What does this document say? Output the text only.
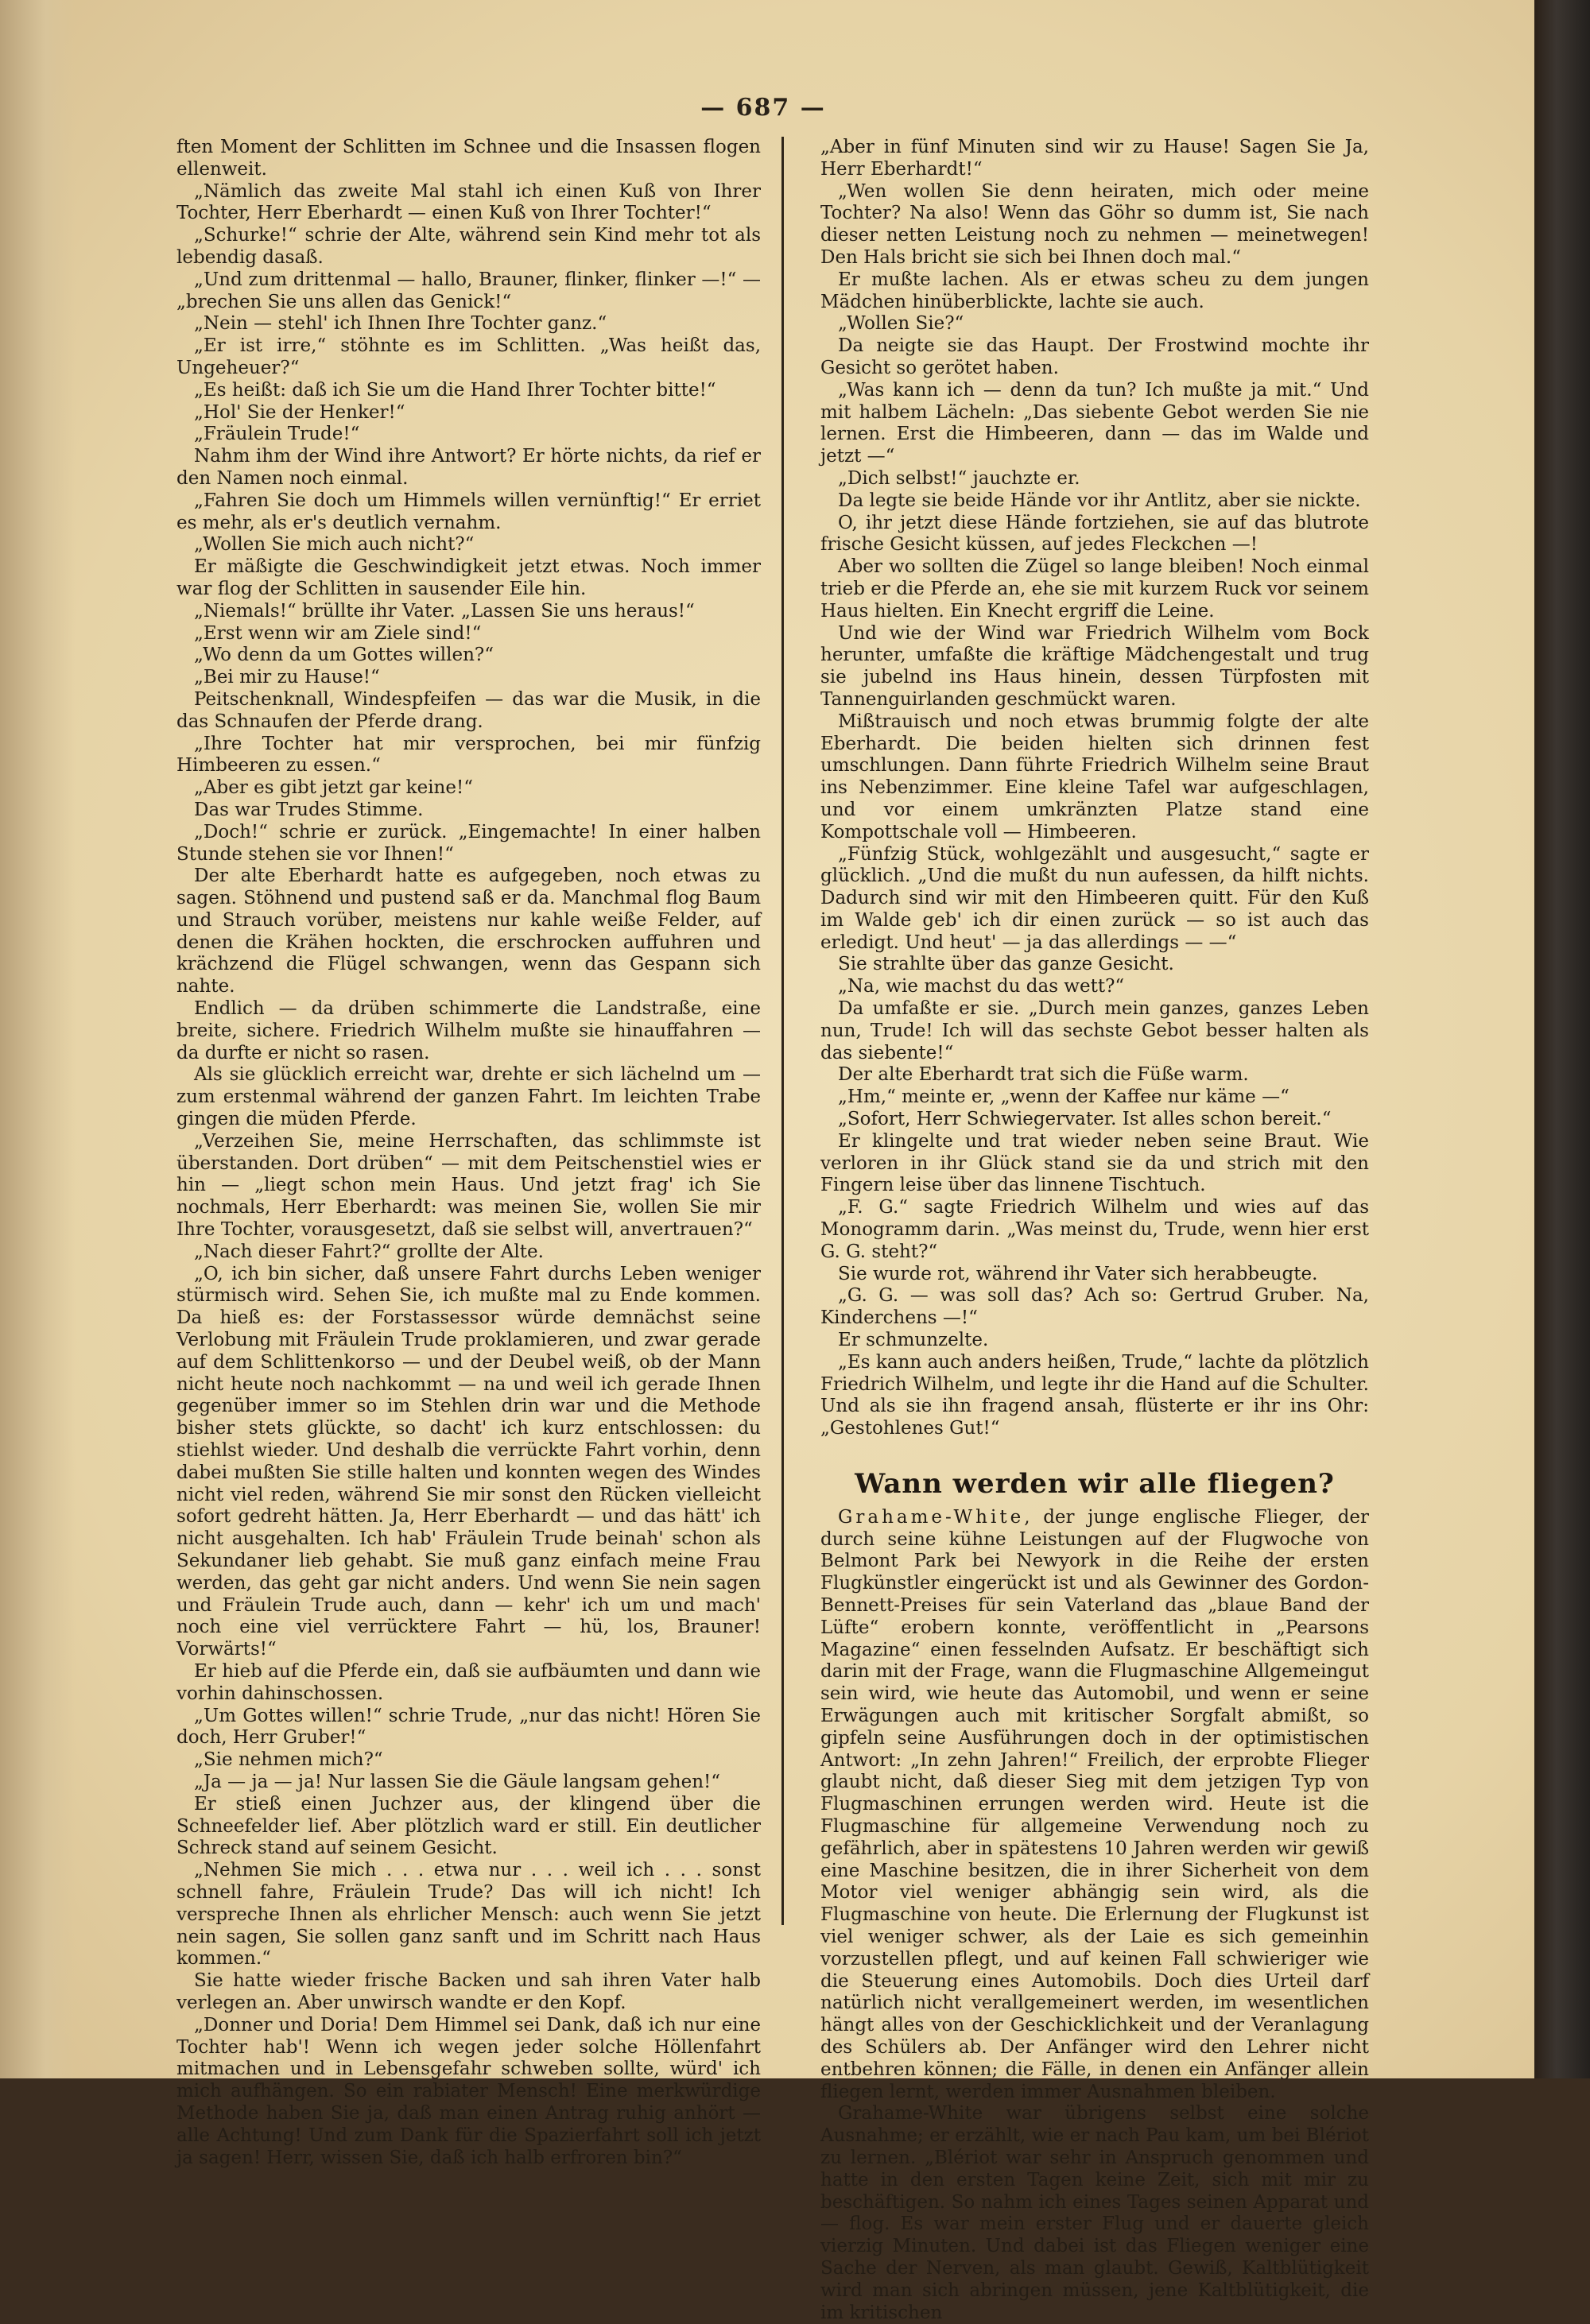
— 687 —

ften Moment der Schlitten im Schnee und die Insassen flogen ellenweit.

„Nämlich das zweite Mal stahl ich einen Kuß von Ihrer Tochter, Herr Eberhardt — einen Kuß von Ihrer Tochter!“

„Schurke!“ schrie der Alte, während sein Kind mehr tot als lebendig dasaß.

„Und zum drittenmal — hallo, Brauner, flinker, flinker —!“ — „brechen Sie uns allen das Genick!“

„Nein — stehl' ich Ihnen Ihre Tochter ganz.“

„Er ist irre,“ stöhnte es im Schlitten. „Was heißt das, Ungeheuer?“

„Es heißt: daß ich Sie um die Hand Ihrer Tochter bitte!“

„Hol' Sie der Henker!“

„Fräulein Trude!“

Nahm ihm der Wind ihre Antwort? Er hörte nichts, da rief er den Namen noch einmal.

„Fahren Sie doch um Himmels willen vernünftig!“ Er erriet es mehr, als er's deutlich vernahm.

„Wollen Sie mich auch nicht?“

Er mäßigte die Geschwindigkeit jetzt etwas. Noch immer war flog der Schlitten in sausender Eile hin.

„Niemals!“ brüllte ihr Vater. „Lassen Sie uns heraus!“

„Erst wenn wir am Ziele sind!“

„Wo denn da um Gottes willen?“

„Bei mir zu Hause!“

Peitschenknall, Windespfeifen — das war die Musik, in die das Schnaufen der Pferde drang.

„Ihre Tochter hat mir versprochen, bei mir fünfzig Himbeeren zu essen.“

„Aber es gibt jetzt gar keine!“

Das war Trudes Stimme.

„Doch!“ schrie er zurück. „Eingemachte! In einer halben Stunde stehen sie vor Ihnen!“

Der alte Eberhardt hatte es aufgegeben, noch etwas zu sagen. Stöhnend und pustend saß er da. Manchmal flog Baum und Strauch vorüber, meistens nur kahle weiße Felder, auf denen die Krähen hockten, die erschrocken auffuhren und krächzend die Flügel schwangen, wenn das Gespann sich nahte.

Endlich — da drüben schimmerte die Landstraße, eine breite, sichere. Friedrich Wilhelm mußte sie hinauffahren — da durfte er nicht so rasen.

Als sie glücklich erreicht war, drehte er sich lächelnd um — zum erstenmal während der ganzen Fahrt. Im leichten Trabe gingen die müden Pferde.

„Verzeihen Sie, meine Herrschaften, das schlimmste ist überstanden. Dort drüben“ — mit dem Peitschenstiel wies er hin — „liegt schon mein Haus. Und jetzt frag' ich Sie nochmals, Herr Eberhardt: was meinen Sie, wollen Sie mir Ihre Tochter, vorausgesetzt, daß sie selbst will, anvertrauen?“

„Nach dieser Fahrt?“ grollte der Alte.

„O, ich bin sicher, daß unsere Fahrt durchs Leben weniger stürmisch wird. Sehen Sie, ich mußte mal zu Ende kommen. Da hieß es: der Forstassessor würde demnächst seine Verlobung mit Fräulein Trude proklamieren, und zwar gerade auf dem Schlittenkorso — und der Deubel weiß, ob der Mann nicht heute noch nachkommt — na und weil ich gerade Ihnen gegenüber immer so im Stehlen drin war und die Methode bisher stets glückte, so dacht' ich kurz entschlossen: du stiehlst wieder. Und deshalb die verrückte Fahrt vorhin, denn dabei mußten Sie stille halten und konnten wegen des Windes nicht viel reden, während Sie mir sonst den Rücken vielleicht sofort gedreht hätten. Ja, Herr Eberhardt — und das hätt' ich nicht ausgehalten. Ich hab' Fräulein Trude beinah' schon als Sekundaner lieb gehabt. Sie muß ganz einfach meine Frau werden, das geht gar nicht anders. Und wenn Sie nein sagen und Fräulein Trude auch, dann — kehr' ich um und mach' noch eine viel verrücktere Fahrt — hü, los, Brauner! Vorwärts!“

Er hieb auf die Pferde ein, daß sie aufbäumten und dann wie vorhin dahinschossen.

„Um Gottes willen!“ schrie Trude, „nur das nicht! Hören Sie doch, Herr Gruber!“

„Sie nehmen mich?“

„Ja — ja — ja! Nur lassen Sie die Gäule langsam gehen!“

Er stieß einen Juchzer aus, der klingend über die Schneefelder lief. Aber plötzlich ward er still. Ein deutlicher Schreck stand auf seinem Gesicht.

„Nehmen Sie mich . . . etwa nur . . . weil ich . . . sonst schnell fahre, Fräulein Trude? Das will ich nicht! Ich verspreche Ihnen als ehrlicher Mensch: auch wenn Sie jetzt nein sagen, Sie sollen ganz sanft und im Schritt nach Haus kommen.“

Sie hatte wieder frische Backen und sah ihren Vater halb verlegen an. Aber unwirsch wandte er den Kopf.

„Donner und Doria! Dem Himmel sei Dank, daß ich nur eine Tochter hab'! Wenn ich wegen jeder solche Höllenfahrt mitmachen und in Lebensgefahr schweben sollte, würd' ich mich aufhängen. So ein rabiater Mensch! Eine merkwürdige Methode haben Sie ja, daß man einen Antrag ruhig anhört — alle Achtung! Und zum Dank für die Spazierfahrt soll ich jetzt ja sagen! Herr, wissen Sie, daß ich halb erfroren bin?“

„Aber in fünf Minuten sind wir zu Hause! Sagen Sie Ja, Herr Eberhardt!“

„Wen wollen Sie denn heiraten, mich oder meine Tochter? Na also! Wenn das Göhr so dumm ist, Sie nach dieser netten Leistung noch zu nehmen — meinetwegen! Den Hals bricht sie sich bei Ihnen doch mal.“

Er mußte lachen. Als er etwas scheu zu dem jungen Mädchen hinüberblickte, lachte sie auch.

„Wollen Sie?“

Da neigte sie das Haupt. Der Frostwind mochte ihr Gesicht so gerötet haben.

„Was kann ich — denn da tun? Ich mußte ja mit.“ Und mit halbem Lächeln: „Das siebente Gebot werden Sie nie lernen. Erst die Himbeeren, dann — das im Walde und jetzt —“

„Dich selbst!“ jauchzte er.

Da legte sie beide Hände vor ihr Antlitz, aber sie nickte.

O, ihr jetzt diese Hände fortziehen, sie auf das blutrote frische Gesicht küssen, auf jedes Fleckchen —!

Aber wo sollten die Zügel so lange bleiben! Noch einmal trieb er die Pferde an, ehe sie mit kurzem Ruck vor seinem Haus hielten. Ein Knecht ergriff die Leine.

Und wie der Wind war Friedrich Wilhelm vom Bock herunter, umfaßte die kräftige Mädchengestalt und trug sie jubelnd ins Haus hinein, dessen Türpfosten mit Tannenguirlanden geschmückt waren.

Mißtrauisch und noch etwas brummig folgte der alte Eberhardt. Die beiden hielten sich drinnen fest umschlungen. Dann führte Friedrich Wilhelm seine Braut ins Nebenzimmer. Eine kleine Tafel war aufgeschlagen, und vor einem umkränzten Platze stand eine Kompottschale voll — Himbeeren.

„Fünfzig Stück, wohlgezählt und ausgesucht,“ sagte er glücklich. „Und die mußt du nun aufessen, da hilft nichts. Dadurch sind wir mit den Himbeeren quitt. Für den Kuß im Walde geb' ich dir einen zurück — so ist auch das erledigt. Und heut' — ja das allerdings — —“

Sie strahlte über das ganze Gesicht.

„Na, wie machst du das wett?“

Da umfaßte er sie. „Durch mein ganzes, ganzes Leben nun, Trude! Ich will das sechste Gebot besser halten als das siebente!“

Der alte Eberhardt trat sich die Füße warm.

„Hm,“ meinte er, „wenn der Kaffee nur käme —“

„Sofort, Herr Schwiegervater. Ist alles schon bereit.“

Er klingelte und trat wieder neben seine Braut. Wie verloren in ihr Glück stand sie da und strich mit den Fingern leise über das linnene Tischtuch.

„F. G.“ sagte Friedrich Wilhelm und wies auf das Monogramm darin. „Was meinst du, Trude, wenn hier erst G. G. steht?“

Sie wurde rot, während ihr Vater sich herabbeugte.

„G. G. — was soll das? Ach so: Gertrud Gruber. Na, Kinderchens —!“

Er schmunzelte.

„Es kann auch anders heißen, Trude,“ lachte da plötzlich Friedrich Wilhelm, und legte ihr die Hand auf die Schulter. Und als sie ihn fragend ansah, flüsterte er ihr ins Ohr: „Gestohlenes Gut!“

Wann werden wir alle fliegen?

Grahame-White, der junge englische Flieger, der durch seine kühne Leistungen auf der Flugwoche von Belmont Park bei Newyork in die Reihe der ersten Flugkünstler eingerückt ist und als Gewinner des Gordon-Bennett-Preises für sein Vaterland das „blaue Band der Lüfte“ erobern konnte, veröffentlicht in „Pearsons Magazine“ einen fesselnden Aufsatz. Er beschäftigt sich darin mit der Frage, wann die Flugmaschine Allgemeingut sein wird, wie heute das Automobil, und wenn er seine Erwägungen auch mit kritischer Sorgfalt abmißt, so gipfeln seine Ausführungen doch in der optimistischen Antwort: „In zehn Jahren!“ Freilich, der erprobte Flieger glaubt nicht, daß dieser Sieg mit dem jetzigen Typ von Flugmaschinen errungen werden wird. Heute ist die Flugmaschine für allgemeine Verwendung noch zu gefährlich, aber in spätestens 10 Jahren werden wir gewiß eine Maschine besitzen, die in ihrer Sicherheit von dem Motor viel weniger abhängig sein wird, als die Flugmaschine von heute. Die Erlernung der Flugkunst ist viel weniger schwer, als der Laie es sich gemeinhin vorzustellen pflegt, und auf keinen Fall schwieriger wie die Steuerung eines Automobils. Doch dies Urteil darf natürlich nicht verallgemeinert werden, im wesentlichen hängt alles von der Geschicklichkeit und der Veranlagung des Schülers ab. Der Anfänger wird den Lehrer nicht entbehren können; die Fälle, in denen ein Anfänger allein fliegen lernt, werden immer Ausnahmen bleiben.

Grahame-White war übrigens selbst eine solche Ausnahme; er erzählt, wie er nach Pau kam, um bei Blériot zu lernen. „Blériot war sehr in Anspruch genommen und hatte in den ersten Tagen keine Zeit, sich mit mir zu beschäftigen. So nahm ich eines Tages seinen Apparat und — flog. Es war mein erster Flug und er dauerte gleich vierzig Minuten. Und dabei ist das Fliegen weniger eine Sache der Nerven, als man glaubt. Gewiß, Kaltblütigkeit wird man sich abringen müssen, jene Kaltblütigkeit, die im kritischen
